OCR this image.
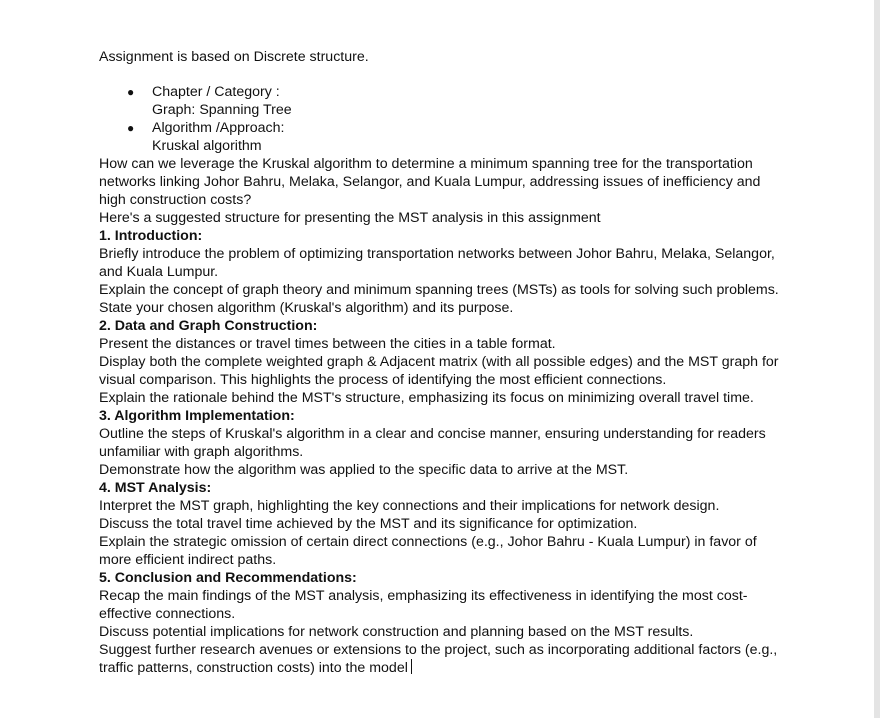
Assignment is based on Discrete structure.

● Chapter / Category :

Graph: Spanning Tree

● Algorithm /Approach:

Kruskal algorithm

How can we leverage the Kruskal algorithm to determine a minimum spanning tree for the transportation networks linking Johor Bahru, Melaka, Selangor, and Kuala Lumpur, addressing issues of inefficiency and high construction costs?

Here's a suggested structure for presenting the MST analysis in this assignment

1. Introduction:

Briefly introduce the problem of optimizing transportation networks between Johor Bahru, Melaka, Selangor, and Kuala Lumpur.

Explain the concept of graph theory and minimum spanning trees (MSTs) as tools for solving such problems.

State your chosen algorithm (Kruskal's algorithm) and its purpose.

2. Data and Graph Construction:

Present the distances or travel times between the cities in a table format.

Display both the complete weighted graph & Adjacent matrix (with all possible edges) and the MST graph for visual comparison. This highlights the process of identifying the most efficient connections.

Explain the rationale behind the MST's structure, emphasizing its focus on minimizing overall travel time.

3. Algorithm Implementation:

Outline the steps of Kruskal's algorithm in a clear and concise manner, ensuring understanding for readers unfamiliar with graph algorithms.

Demonstrate how the algorithm was applied to the specific data to arrive at the MST.

4. MST Analysis:

Interpret the MST graph, highlighting the key connections and their implications for network design.

Discuss the total travel time achieved by the MST and its significance for optimization.

Explain the strategic omission of certain direct connections (e.g., Johor Bahru - Kuala Lumpur) in favor of more efficient indirect paths.

5. Conclusion and Recommendations:

Recap the main findings of the MST analysis, emphasizing its effectiveness in identifying the most cost-effective connections.

Discuss potential implications for network construction and planning based on the MST results.

Suggest further research avenues or extensions to the project, such as incorporating additional factors (e.g., traffic patterns, construction costs) into the model
